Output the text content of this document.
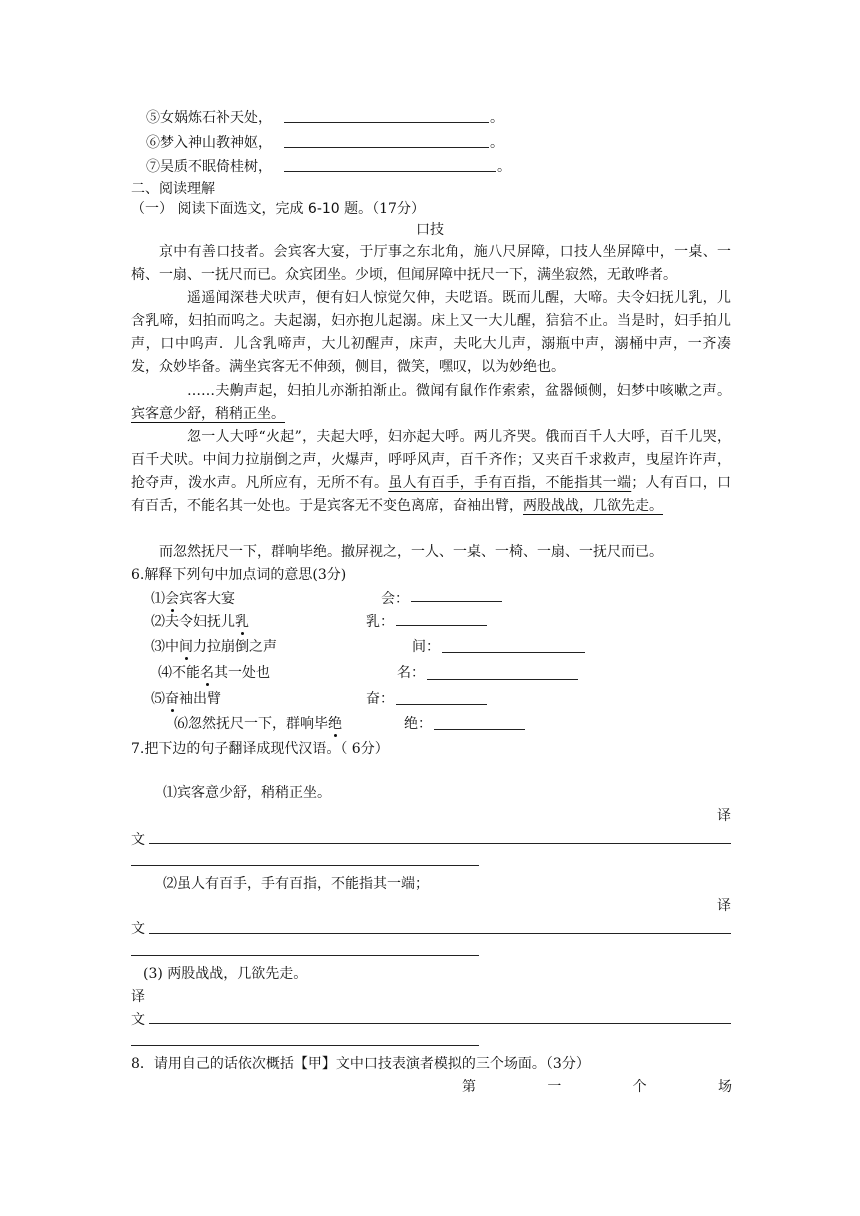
⑤女娲炼石补天处，	。
⑥梦入神山教神妪，	。
⑦吴质不眠倚桂树，	。
二、阅读理解
（一） 阅读下面选文，完成 6-10 题。（17分）
口技
京中有善口技者。会宾客大宴，于厅事之东北角，施八尺屏障，口技人坐屏障中，一桌、一椅、一扇、一抚尺而已。众宾团坐。少顷，但闻屏障中抚尺一下，满坐寂然，无敢哗者。
遥遥闻深巷犬吠声，便有妇人惊觉欠伸，夫呓语。既而儿醒，大啼。夫令妇抚儿乳，儿含乳啼，妇拍而呜之。夫起溺，妇亦抱儿起溺。床上又一大儿醒，狺狺不止。当是时，妇手拍儿声，口中呜声．儿含乳啼声，大儿初醒声，床声，夫叱大儿声，溺瓶中声，溺桶中声，一齐凑发，众妙毕备。满坐宾客无不伸颈，侧目，微笑，嘿叹，以为妙绝也。
……夫齁声起，妇拍儿亦渐拍渐止。微闻有鼠作作索索，盆器倾侧，妇梦中咳嗽之声。宾客意少舒，稍稍正坐。
忽一人大呼“火起”，夫起大呼，妇亦起大呼。两儿齐哭。俄而百千人大呼，百千儿哭，百千犬吠。中间力拉崩倒之声，火爆声，呼呼风声，百千齐作；又夹百千求救声，曳屋许许声，抢夺声，泼水声。凡所应有，无所不有。虽人有百手，手有百指，不能指其一端；人有百口，口有百舌，不能名其一处也。于是宾客无不变色离席，奋袖出臂，两股战战，几欲先走。
而忽然抚尺一下，群响毕绝。撤屏视之，一人、一桌、一椅、一扇、一抚尺而已。
6.解释下列句中加点词的意思(3分)
⑴会宾客大宴	会：
⑵夫令妇抚儿乳	乳：
⑶中间力拉崩倒之声	间：
⑷不能名其一处也	名：
⑸奋袖出臂	奋：
⑹忽然抚尺一下，群响毕绝	绝：
7.把下边的句子翻译成现代汉语。（ 6分）
⑴宾客意少舒，稍稍正坐。
译
文
⑵虽人有百手，手有百指，不能指其一端；
译
文
(3) 两股战战，几欲先走。
译
文
8．请用自己的话依次概括【甲】文中口技表演者模拟的三个场面。（3分）
第	一	个	场
